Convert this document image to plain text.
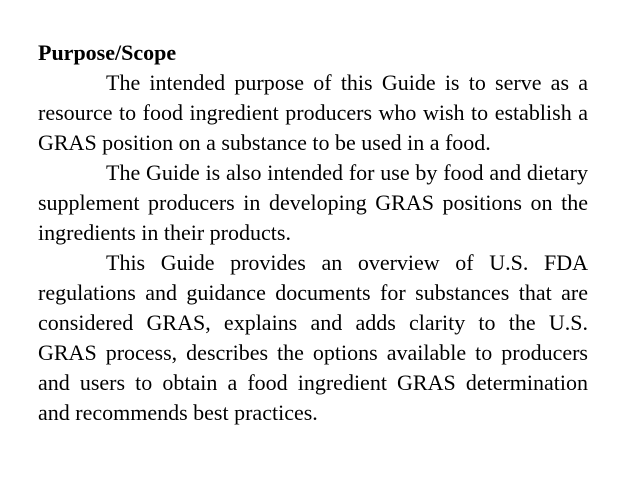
Purpose/Scope

The intended purpose of this Guide is to serve as a resource to food ingredient producers who wish to establish a GRAS position on a substance to be used in a food.

The Guide is also intended for use by food and dietary supplement producers in developing GRAS positions on the ingredients in their products.

This Guide provides an overview of U.S. FDA regulations and guidance documents for substances that are considered GRAS, explains and adds clarity to the U.S. GRAS process, describes the options available to producers and users to obtain a food ingredient GRAS determination and recommends best practices.
